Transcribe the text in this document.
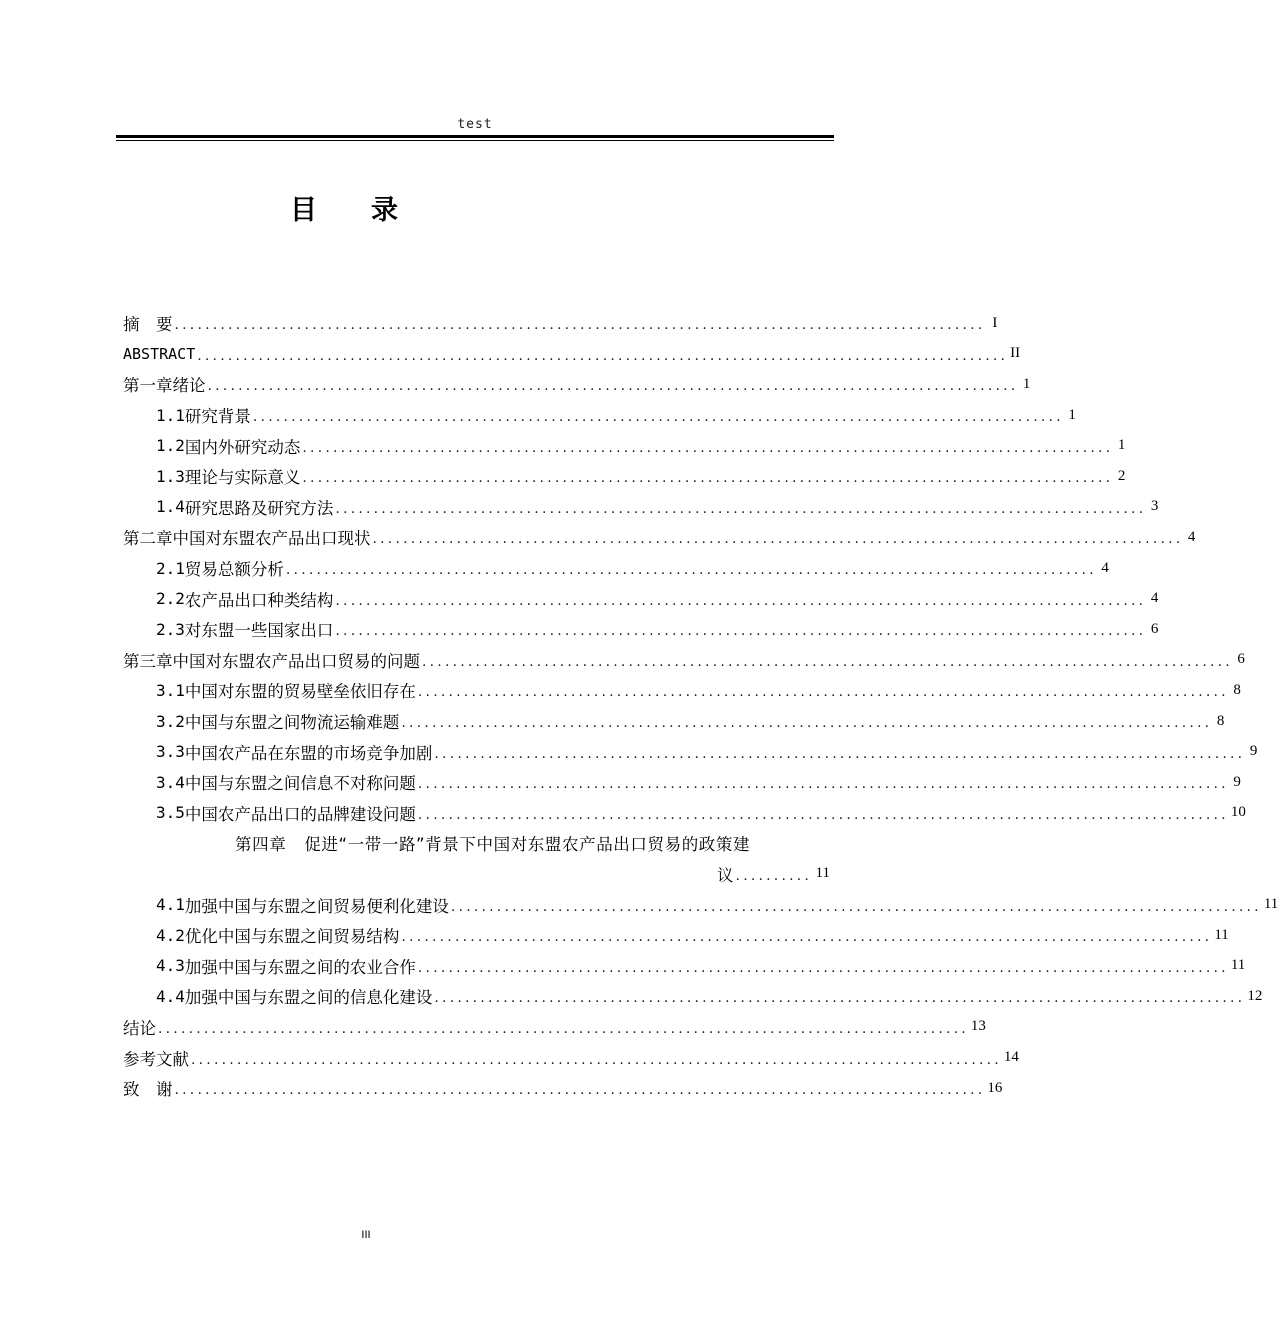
test
目 录
摘　要 .......................................................................................................... I
ABSTRACT .......................................................................................................... II
第一章 绪论 .......................................................................................................... 1
1.1 研究背景 .......................................................................................................... 1
1.2 国内外研究动态 .......................................................................................................... 1
1.3 理论与实际意义 .......................................................................................................... 2
1.4 研究思路及研究方法 .......................................................................................................... 3
第二章 中国对东盟农产品出口现状 .......................................................................................................... 4
2.1 贸易总额分析 .......................................................................................................... 4
2.2 农产品出口种类结构 .......................................................................................................... 4
2.3 对东盟一些国家出口 .......................................................................................................... 6
第三章 中国对东盟农产品出口贸易的问题 .......................................................................................................... 6
3.1 中国对东盟的贸易壁垒依旧存在 .......................................................................................................... 8
3.2 中国与东盟之间物流运输难题 .......................................................................................................... 8
3.3 中国农产品在东盟的市场竞争加剧 .......................................................................................................... 9
3.4 中国与东盟之间信息不对称问题 .......................................................................................................... 9
3.5 中国农产品出口的品牌建设问题 .......................................................................................................... 10
第四章 促进“一带一路”背景下中国对东盟农产品出口贸易的政策建
议 .......... 11
4.1 加强中国与东盟之间贸易便利化建设 .......................................................................................................... 11
4.2 优化中国与东盟之间贸易结构 .......................................................................................................... 11
4.3 加强中国与东盟之间的农业合作 .......................................................................................................... 11
4.4 加强中国与东盟之间的信息化建设 .......................................................................................................... 12
结论 .......................................................................................................... 13
参考文献 .......................................................................................................... 14
致　谢 .......................................................................................................... 16
III
